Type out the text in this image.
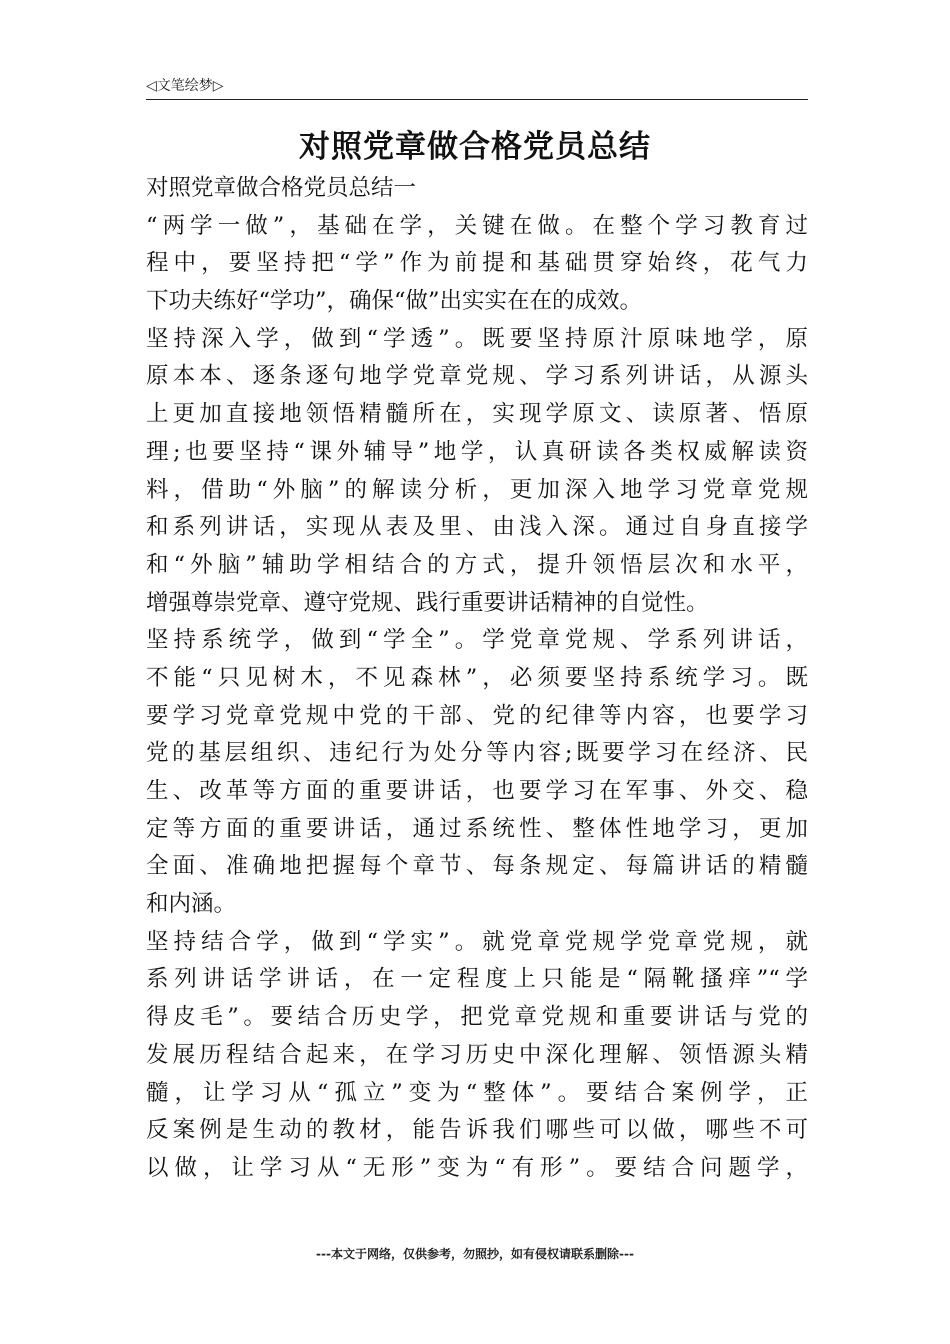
◁文笔绘梦▷
对照党章做合格党员总结
对照党章做合格党员总结一
“两学一做”，基础在学，关键在做。在整个学习教育过
程中，要坚持把“学”作为前提和基础贯穿始终，花气力
下功夫练好“学功”，确保“做”出实实在在的成效。
坚持深入学，做到“学透”。既要坚持原汁原味地学，原
原本本、逐条逐句地学党章党规、学习系列讲话，从源头
上更加直接地领悟精髓所在，实现学原文、读原著、悟原
理;也要坚持“课外辅导”地学，认真研读各类权威解读资
料，借助“外脑”的解读分析，更加深入地学习党章党规
和系列讲话，实现从表及里、由浅入深。通过自身直接学
和“外脑”辅助学相结合的方式，提升领悟层次和水平，
增强尊崇党章、遵守党规、践行重要讲话精神的自觉性。
坚持系统学，做到“学全”。学党章党规、学系列讲话，
不能“只见树木，不见森林”，必须要坚持系统学习。既
要学习党章党规中党的干部、党的纪律等内容，也要学习
党的基层组织、违纪行为处分等内容;既要学习在经济、民
生、改革等方面的重要讲话，也要学习在军事、外交、稳
定等方面的重要讲话，通过系统性、整体性地学习，更加
全面、准确地把握每个章节、每条规定、每篇讲话的精髓
和内涵。
坚持结合学，做到“学实”。就党章党规学党章党规，就
系列讲话学讲话，在一定程度上只能是“隔靴搔痒”“学
得皮毛”。要结合历史学，把党章党规和重要讲话与党的
发展历程结合起来，在学习历史中深化理解、领悟源头精
髓，让学习从“孤立”变为“整体”。要结合案例学，正
反案例是生动的教材，能告诉我们哪些可以做，哪些不可
以做，让学习从“无形”变为“有形”。要结合问题学，
---本文于网络，仅供参考，勿照抄，如有侵权请联系删除---
